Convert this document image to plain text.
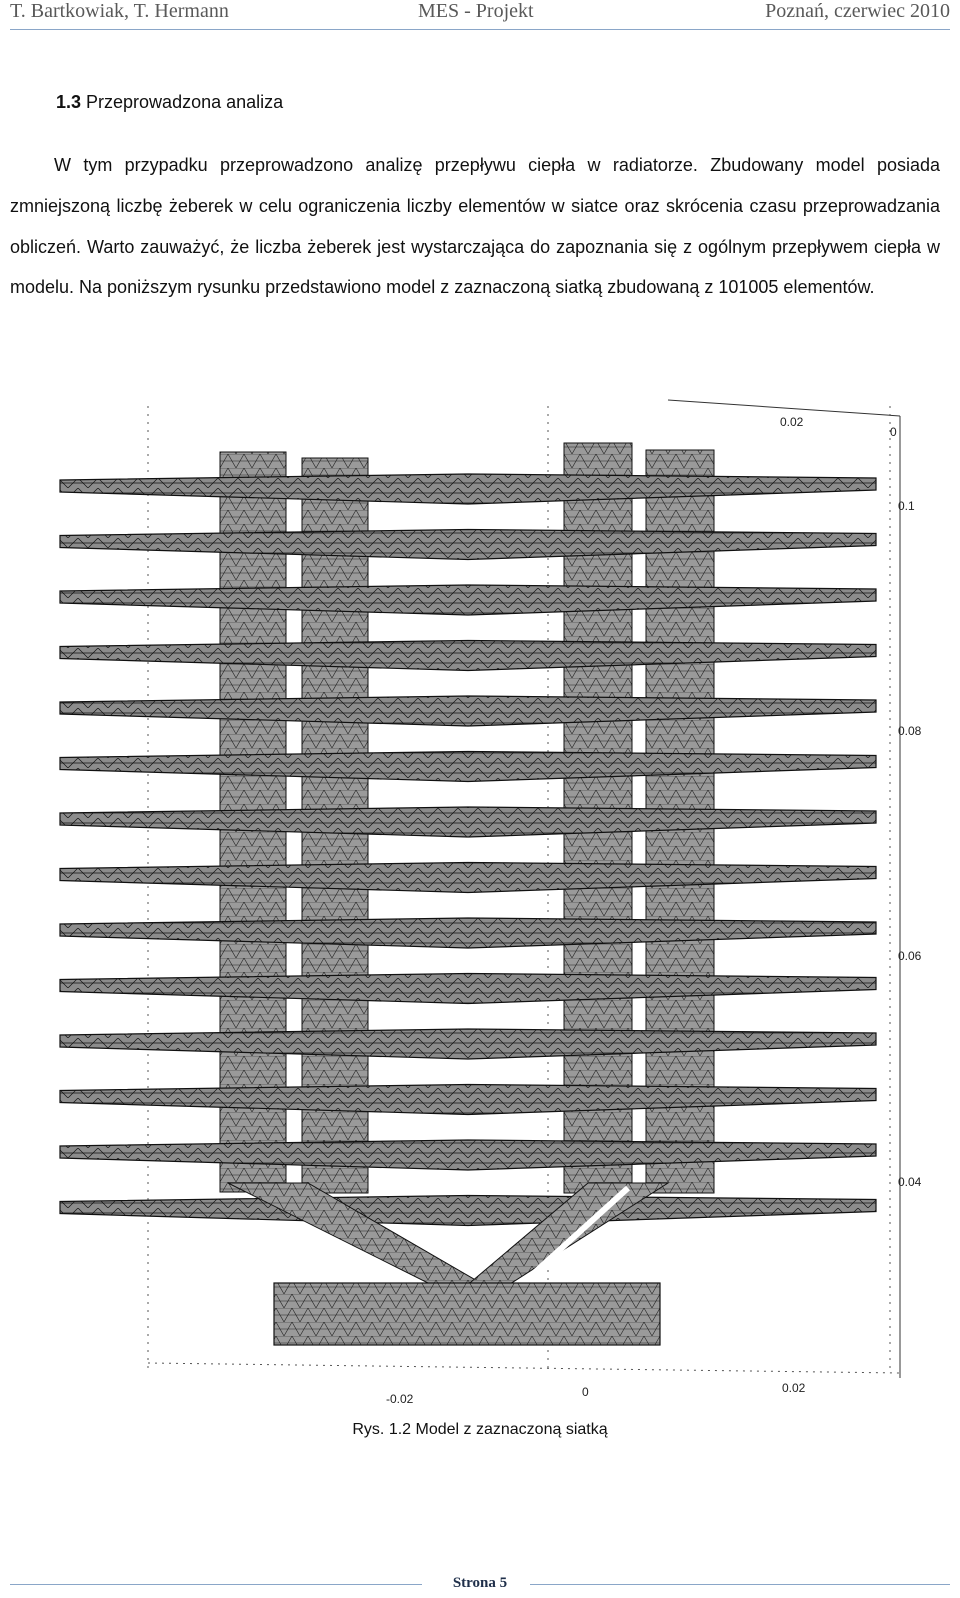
T. Bartkowiak, T. Hermann	MES - Projekt	Poznań, czerwiec 2010
1.3 Przeprowadzona analiza

W tym przypadku przeprowadzono analizę przepływu ciepła w radiatorze. Zbudowany model posiada zmniejszoną liczbę żeberek w celu ograniczenia liczby elementów w siatce oraz skrócenia czasu przeprowadzania obliczeń. Warto zauważyć, że liczba żeberek jest wystarczająca do zapoznania się z ogólnym przepływem ciepła w modelu. Na poniższym rysunku przedstawiono model z zaznaczoną siatką zbudowaną z 101005 elementów.

0.02
0
0.1
0.08
0.06
0.04
-0.02	0	0.02
Rys. 1.2 Model z zaznaczoną siatką
Strona 5
